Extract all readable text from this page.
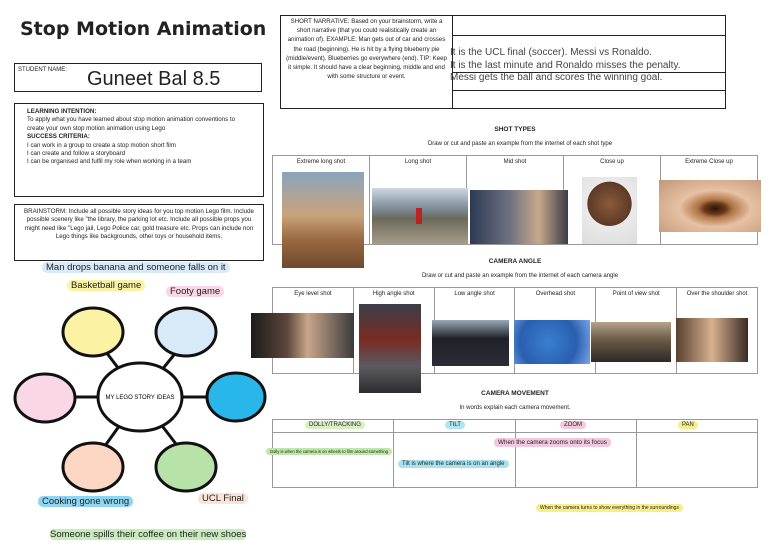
Stop Motion Animation
STUDENT NAME: Guneet Bal 8.5
LEARNING INTENTION:
To apply what you have learned about stop motion animation conventions to create your own stop motion animation using Lego
SUCCESS CRITERIA:
I can work in a group to create a stop motion short film
I can create and follow a storyboard
I can be organised and fulfil my role when working in a team
BRAINSTORM: Include all possible story ideas for you top motion Lego film. Include possible scenery like "the library, the parking lot etc. Include all possible props you might need like "Lego jail, Lego Police car, gold treasure etc. Props can include non Lego things like backgrounds, other toys or household items.
MY LEGO STORY IDEAS
Man drops banana and someone falls on it
Basketball game
Footy game
Cooking gone wrong	UCL Final
Someone spills their coffee on their new shoes
SHORT NARRATIVE: Based on your brainstorm, write a short narrative (that you could realistically create an animation of). EXAMPLE: Man gets out of car and crosses the road (beginning). He is hit by a flying blueberry pie (middle/event). Blueberries go everywhere (end). TIP: Keep it simple. It should have a clear beginning, middle and end with some structure or event.
It is the UCL final (soccer). Messi vs Ronaldo.
It is the last minute and Ronaldo misses the penalty.
Messi gets the ball and scores the winning goal.
SHOT TYPES
Draw or cut and paste an example from the internet of each shot type
Extreme long shot	Long shot	Mid shot	Close up	Extreme Close up
CAMERA ANGLE
Draw or cut and paste an example from the internet of each camera angle
Eye level shot	High angle shot	Low angle shot	Overhead shot	Point of view shot	Over the shoulder shot
CAMERA MOVEMENT
In words explain each camera movement.
DOLLY/TRACKING	TILT	ZOOM	PAN
Dolly is when the camera is on wheels to film around something
Tilt is where the camera is on an angle
When the camera zooms onto its focus
When the camera turns to show everything in the surroundings
